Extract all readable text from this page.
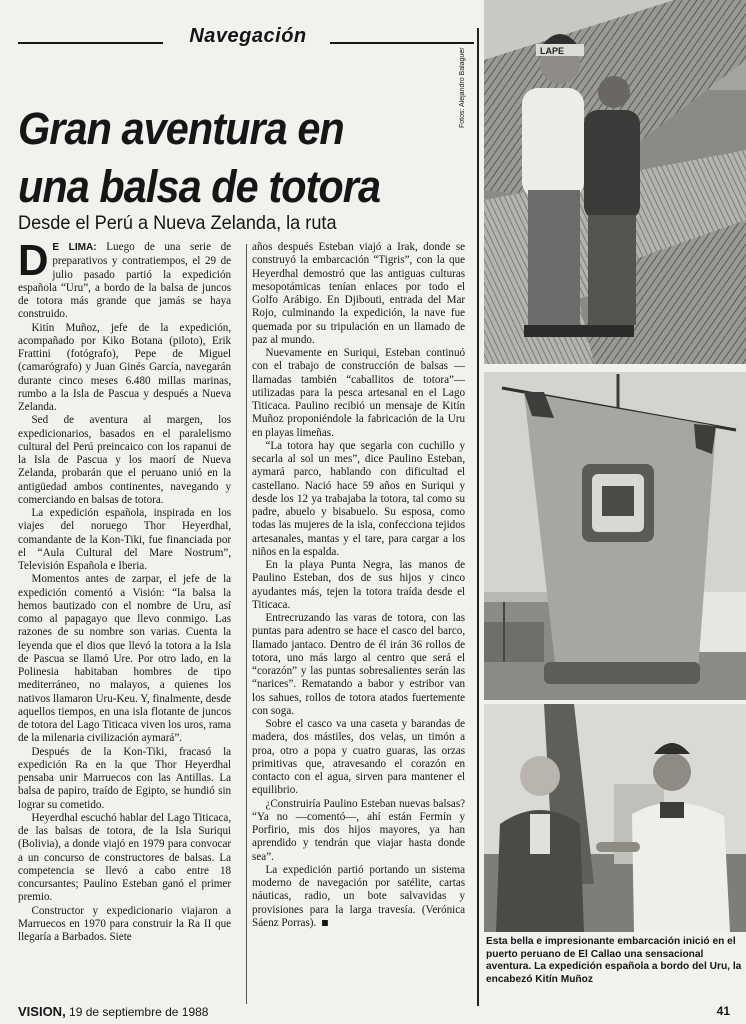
Navegación
Fotos: Alejandro Balaguer
Gran aventura en
una balsa de totora
Desde el Perú a Nueva Zelanda, la ruta

D E LIMA: Luego de una serie de preparativos y contratiempos, el 29 de julio pasado partió la expedición española “Uru”, a bordo de la balsa de juncos de totora más grande que jamás se haya construido.

Kitín Muñoz, jefe de la expedición, acompañado por Kiko Botana (piloto), Erik Frattini (fotógrafo), Pepe de Miguel (camarógrafo) y Juan Ginés García, navegarán durante cinco meses 6.480 millas marinas, rumbo a la Isla de Pascua y después a Nueva Zelanda.

Sed de aventura al margen, los expedicionarios, basados en el paralelismo cultural del Perú preincaico con los rapanui de la Isla de Pascua y los maorí de Nueva Zelanda, probarán que el peruano unió en la antigüedad ambos continentes, navegando y comerciando en balsas de totora.

La expedición española, inspirada en los viajes del noruego Thor Heyerdhal, comandante de la Kon-Tiki, fue financiada por el “Aula Cultural del Mare Nostrum”, Televisión Española e Iberia.

Momentos antes de zarpar, el jefe de la expedición comentó a Visión: “la balsa la hemos bautizado con el nombre de Uru, así como al papagayo que llevo conmigo. Las razones de su nombre son varias. Cuenta la leyenda que el dios que llevó la totora a la Isla de Pascua se llamó Ure. Por otro lado, en la Polinesia habitaban hombres de tipo mediterráneo, no malayos, a quienes los nativos llamaron Uru-Keu. Y, finalmente, desde aquellos tiempos, en una isla flotante de juncos de totora del Lago Titicaca viven los uros, rama de la milenaria civilización aymará”.

Después de la Kon-Tiki, fracasó la expedición Ra en la que Thor Heyerdhal pensaba unir Marruecos con las Antillas. La balsa de papiro, traído de Egipto, se hundió sin lograr su cometido.

Heyerdhal escuchó hablar del Lago Titicaca, de las balsas de totora, de la Isla Suriqui (Bolivia), a donde viajó en 1979 para convocar a un concurso de constructores de balsas. La competencia se llevó a cabo entre 18 concursantes; Paulino Esteban ganó el primer premio.

Constructor y expedicionario viajaron a Marruecos en 1970 para construir la Ra II que llegaría a Barbados. Siete

años después Esteban viajó a Irak, donde se construyó la embarcación “Tigris”, con la que Heyerdhal demostró que las antiguas culturas mesopotámicas tenían enlaces por todo el Golfo Arábigo. En Djibouti, entrada del Mar Rojo, culminando la expedición, la nave fue quemada por su tripulación en un llamado de paz al mundo.

Nuevamente en Suriqui, Esteban continuó con el trabajo de construcción de balsas —llamadas también “caballitos de totora”— utilizadas para la pesca artesanal en el Lago Titicaca. Paulino recibió un mensaje de Kitín Muñoz proponiéndole la fabricación de la Uru en playas limeñas.

“La totora hay que segarla con cuchillo y secarla al sol un mes”, dice Paulino Esteban, aymará parco, hablando con dificultad el castellano. Nació hace 59 años en Suriqui y desde los 12 ya trabajaba la totora, tal como su padre, abuelo y bisabuelo. Su esposa, como todas las mujeres de la isla, confecciona tejidos artesanales, mantas y el tare, para cargar a los niños en la espalda.

En la playa Punta Negra, las manos de Paulino Esteban, dos de sus hijos y cinco ayudantes más, tejen la totora traída desde el Titicaca.

Entrecruzando las varas de totora, con las puntas para adentro se hace el casco del barco, llamado jantaco. Dentro de él irán 36 rollos de totora, uno más largo al centro que será el “corazón” y las puntas sobresalientes serán las “narices”. Rematando a babor y estribor van los sahues, rollos de totora atados fuertemente con soga.

Sobre el casco va una caseta y barandas de madera, dos mástiles, dos velas, un timón a proa, otro a popa y cuatro guaras, las orzas primitivas que, atravesando el corazón en contacto con el agua, sirven para mantener el equilibrio.

¿Construiría Paulino Esteban nuevas balsas? “Ya no —comentó—, ahí están Fermín y Porfirio, mis dos hijos mayores, ya han aprendido y tendrán que viajar hasta donde sea”.

La expedición partió portando un sistema moderno de navegación por satélite, cartas náuticas, radio, un bote salvavidas y provisiones para la larga travesía. (Verónica Sáenz Porras).

LAPE
Esta bella e impresionante embarcación inició en el puerto peruano de El Callao una sensacional aventura. La expedición española a bordo del Uru, la encabezó Kitín Muñoz
VISION, 19 de septiembre de 1988	41
